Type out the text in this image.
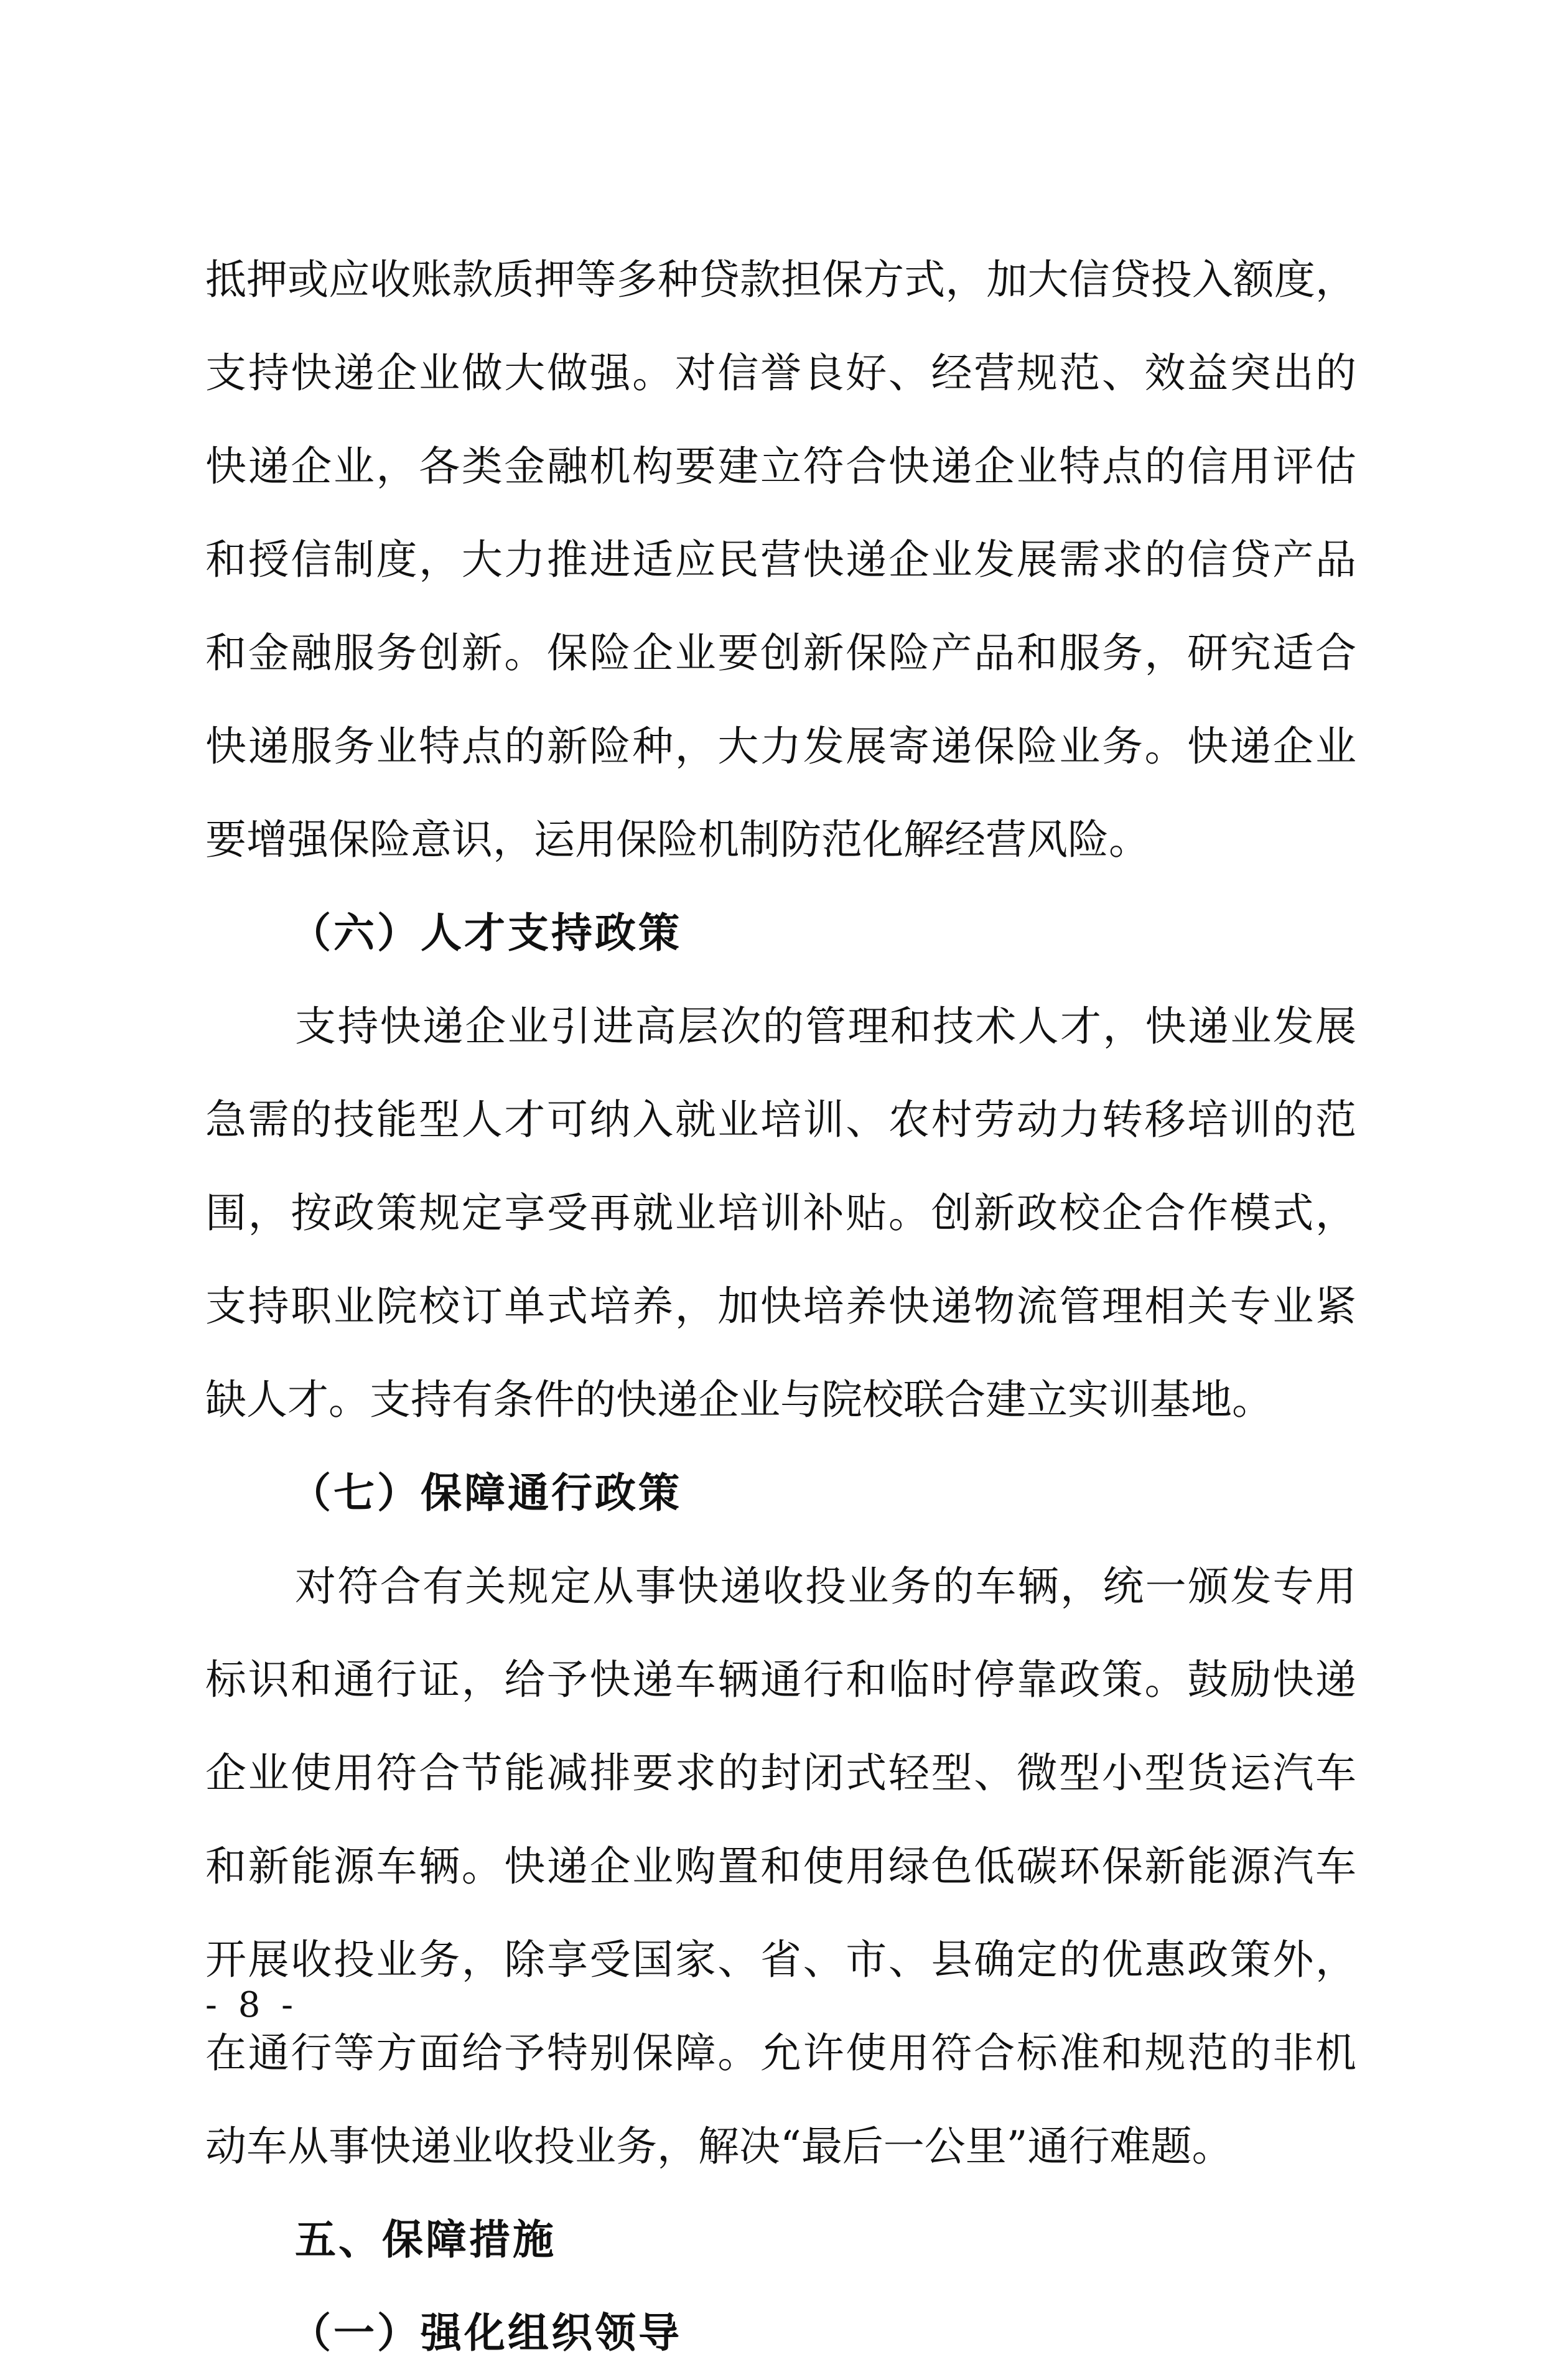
抵押或应收账款质押等多种贷款担保方式，加大信贷投入额度，
支持快递企业做大做强。对信誉良好、经营规范、效益突出的
快递企业，各类金融机构要建立符合快递企业特点的信用评估
和授信制度，大力推进适应民营快递企业发展需求的信贷产品
和金融服务创新。保险企业要创新保险产品和服务，研究适合
快递服务业特点的新险种，大力发展寄递保险业务。快递企业
要增强保险意识，运用保险机制防范化解经营风险。
（六）人才支持政策
支持快递企业引进高层次的管理和技术人才，快递业发展
急需的技能型人才可纳入就业培训、农村劳动力转移培训的范
围，按政策规定享受再就业培训补贴。创新政校企合作模式，
支持职业院校订单式培养，加快培养快递物流管理相关专业紧
缺人才。支持有条件的快递企业与院校联合建立实训基地。
（七）保障通行政策
对符合有关规定从事快递收投业务的车辆，统一颁发专用
标识和通行证，给予快递车辆通行和临时停靠政策。鼓励快递
企业使用符合节能减排要求的封闭式轻型、微型小型货运汽车
和新能源车辆。快递企业购置和使用绿色低碳环保新能源汽车
开展收投业务，除享受国家、省、市、县确定的优惠政策外，
在通行等方面给予特别保障。允许使用符合标准和规范的非机
动车从事快递业收投业务，解决“最后一公里”通行难题。
五、保障措施
（一）强化组织领导
- 8 -
